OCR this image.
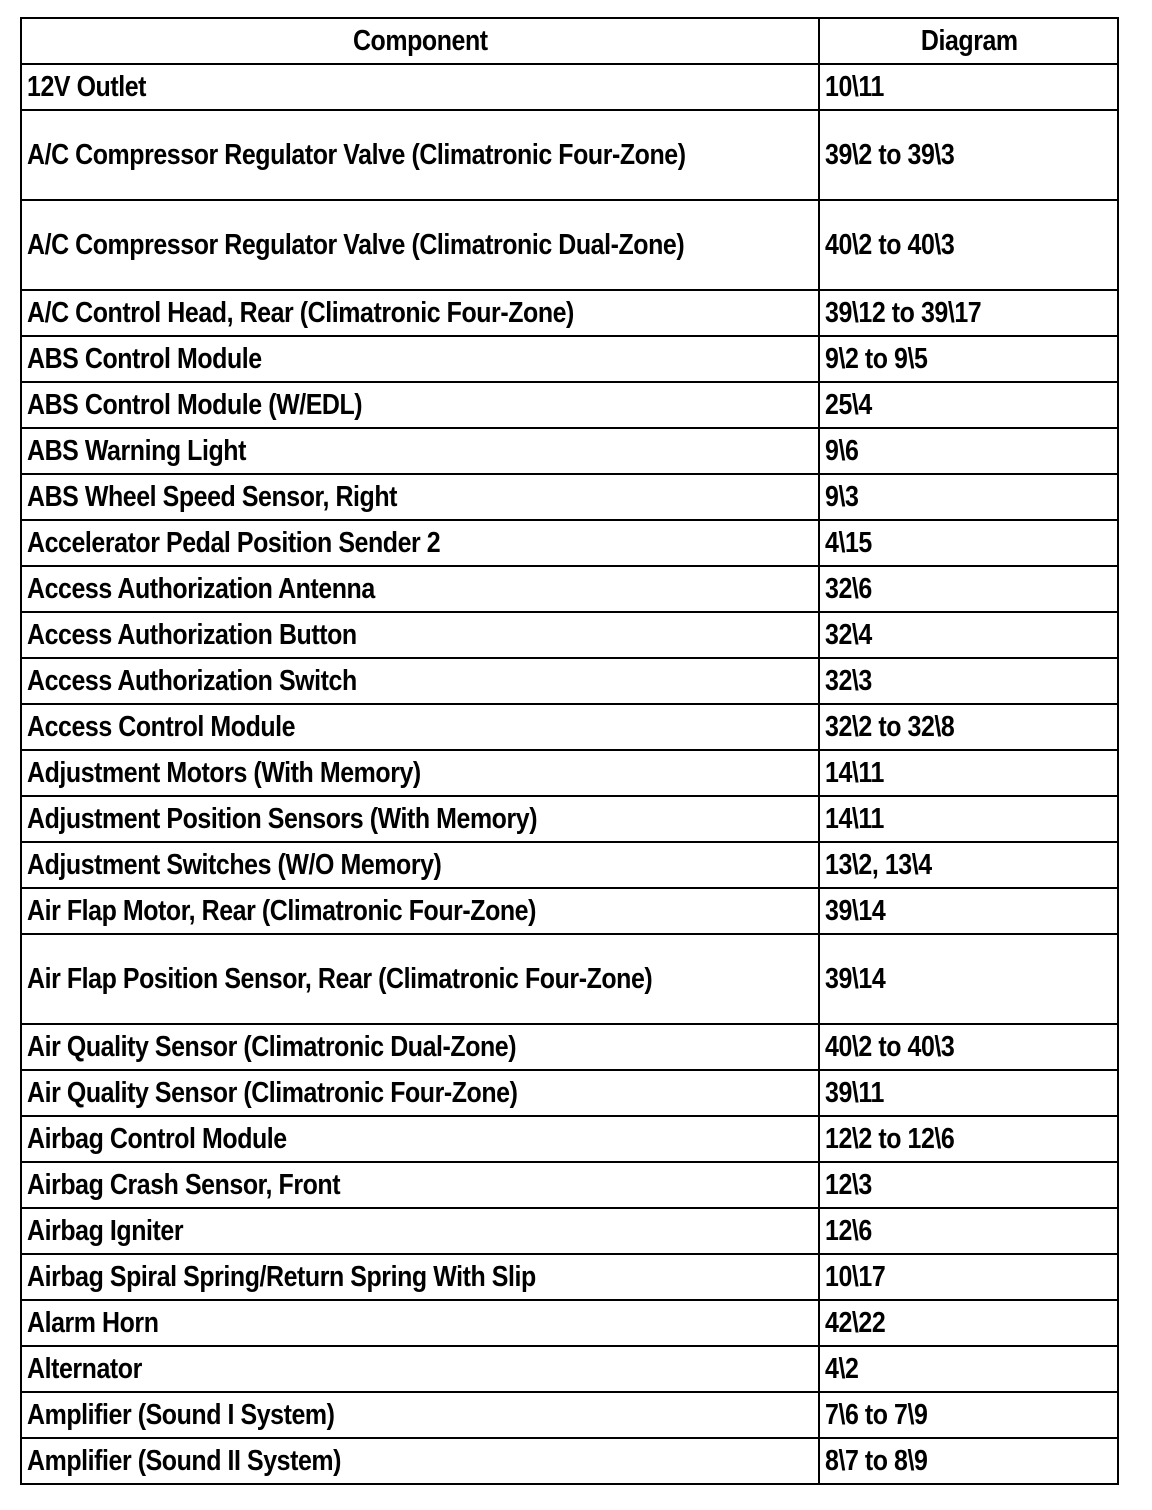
Component	Diagram
12V Outlet	10\11

A/C Compressor Regulator Valve (Climatronic Four-Zone)	39\2 to 39\3

A/C Compressor Regulator Valve (Climatronic Dual-Zone)	40\2 to 40\3
A/C Control Head, Rear (Climatronic Four-Zone)	39\12 to 39\17
ABS Control Module	9\2 to 9\5
ABS Control Module (W/EDL)	25\4
ABS Warning Light	9\6
ABS Wheel Speed Sensor, Right	9\3
Accelerator Pedal Position Sender 2	4\15
Access Authorization Antenna	32\6
Access Authorization Button	32\4
Access Authorization Switch	32\3
Access Control Module	32\2 to 32\8
Adjustment Motors (With Memory)	14\11
Adjustment Position Sensors (With Memory)	14\11
Adjustment Switches (W/O Memory)	13\2, 13\4
Air Flap Motor, Rear (Climatronic Four-Zone)	39\14

Air Flap Position Sensor, Rear (Climatronic Four-Zone)	39\14
Air Quality Sensor (Climatronic Dual-Zone)	40\2 to 40\3
Air Quality Sensor (Climatronic Four-Zone)	39\11
Airbag Control Module	12\2 to 12\6
Airbag Crash Sensor, Front	12\3
Airbag Igniter	12\6
Airbag Spiral Spring/Return Spring With Slip	10\17
Alarm Horn	42\22
Alternator	4\2
Amplifier (Sound I System)	7\6 to 7\9
Amplifier (Sound II System)	8\7 to 8\9
